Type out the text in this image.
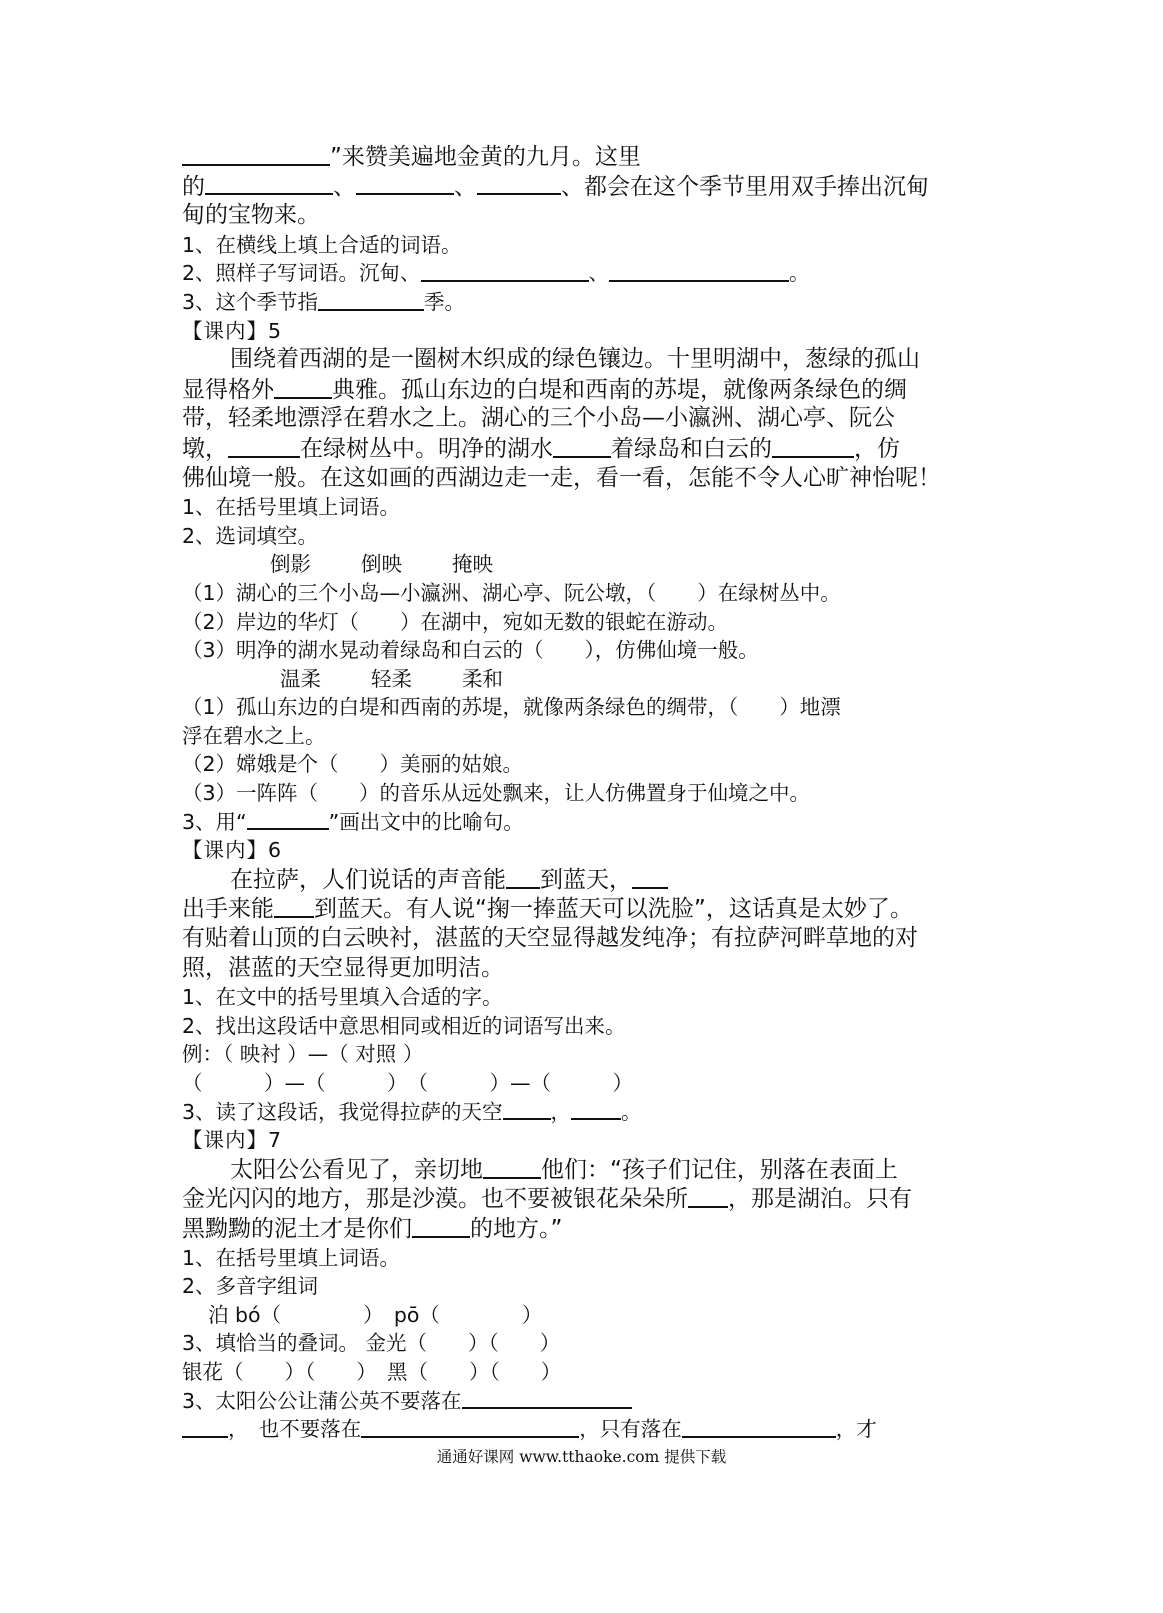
”来赞美遍地金黄的九月。这里
的	、	、	、都会在这个季节里用双手捧出沉甸
甸的宝物来。
1、在横线上填上合适的词语。
2、照样子写词语。沉甸、	、	。
3、这个季节指	季。
【课内】5
围绕着西湖的是一圈树木织成的绿色镶边。十里明湖中，葱绿的孤山
显得格外	典雅。孤山东边的白堤和西南的苏堤，就像两条绿色的绸
带，轻柔地漂浮在碧水之上。湖心的三个小岛—小瀛洲、湖心亭、阮公
墩，	在绿树丛中。明净的湖水	着绿岛和白云的	，仿
佛仙境一般。在这如画的西湖边走一走，看一看，怎能不令人心旷神怡呢！
1、在括号里填上词语。
2、选词填空。
倒影 倒映 掩映
（1）湖心的三个小岛—小瀛洲、湖心亭、阮公墩，（　　）在绿树丛中。
（2）岸边的华灯（　　）在湖中，宛如无数的银蛇在游动。
（3）明净的湖水晃动着绿岛和白云的（　　），仿佛仙境一般。
温柔 轻柔 柔和
（1）孤山东边的白堤和西南的苏堤，就像两条绿色的绸带，（　　）地漂
浮在碧水之上。
（2）嫦娥是个（　　）美丽的姑娘。
（3）一阵阵（　　）的音乐从远处飘来，让人仿佛置身于仙境之中。
3、用“	”画出文中的比喻句。
【课内】6
在拉萨，人们说话的声音能 到蓝天，
出手来能 到蓝天。有人说“掬一捧蓝天可以洗脸”，这话真是太妙了。
有贴着山顶的白云映衬，湛蓝的天空显得越发纯净；有拉萨河畔草地的对
照，湛蓝的天空显得更加明洁。
1、在文中的括号里填入合适的字。
2、找出这段话中意思相同或相近的词语写出来。
例：（ 映衬 ）—（ 对照 ）
（　　　）—（　　　）　（　　　）—（　　　）
3、读了这段话，我觉得拉萨的天空 ， 。
【课内】7
太阳公公看见了，亲切地	他们：“孩子们记住，别落在表面上
金光闪闪的地方，那是沙漠。也不要被银花朵朵所 ，那是湖泊。只有
黑黝黝的泥土才是你们	的地方。”
1、在括号里填上词语。
2、多音字组词
泊 bó（　　　　）　pō（　　　　）
3、填恰当的叠词。 金光（　　）（　　）
银花（　　）（　　）　黑（　　）（　　）
3、太阳公公让蒲公英不要落在
，　也不要落在	，只有落在	，才
通通好课网 www.tthaoke.com 提供下载
